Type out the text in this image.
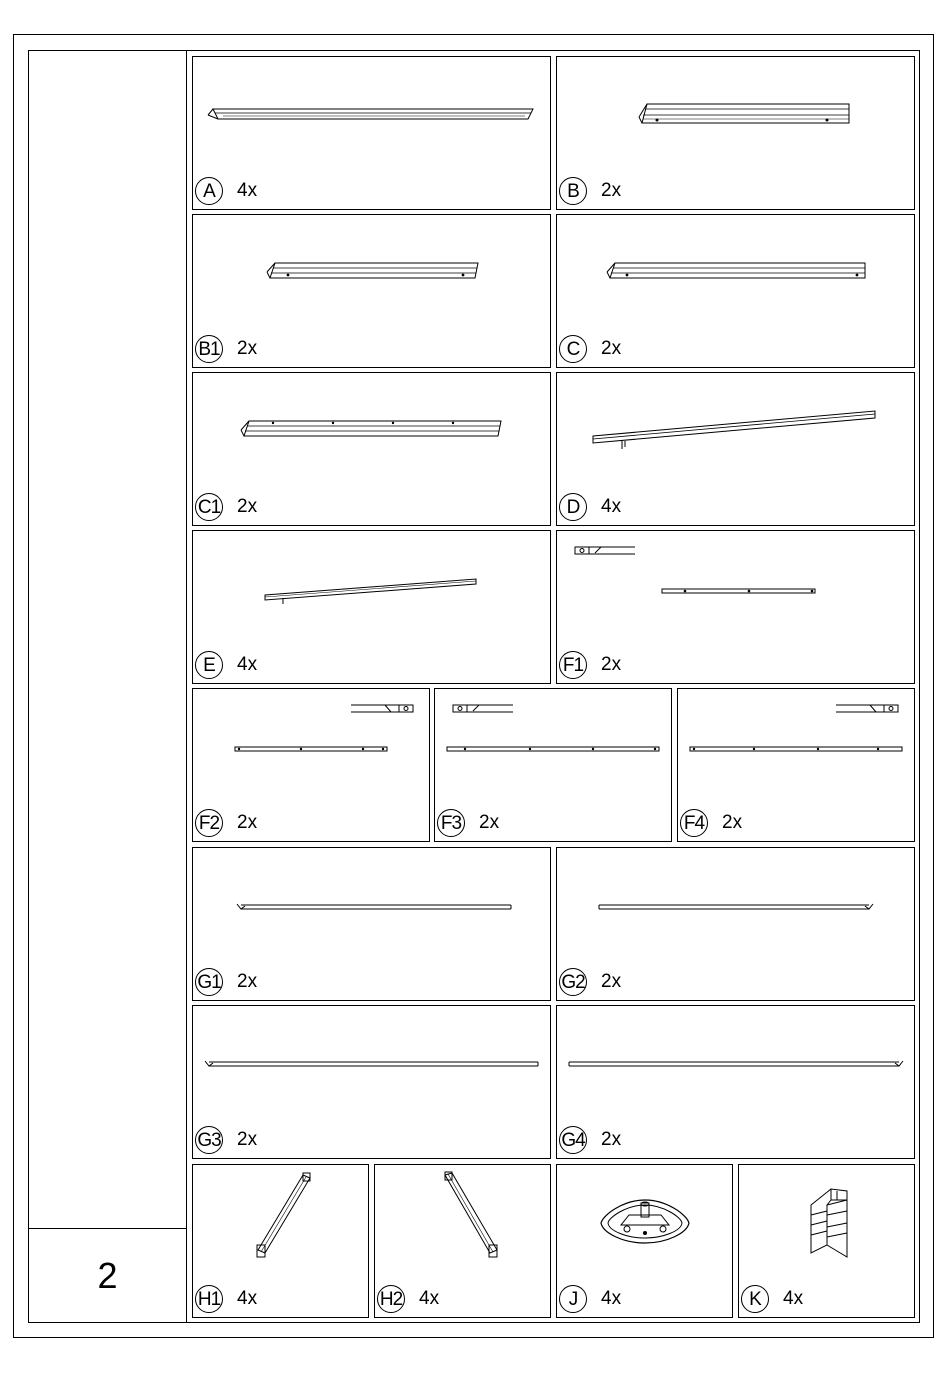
2
A	4x	B	2x
B1 2x	C	2x
C1 2x	D	4x
E	4x	F1 2x
F2 2x	F3 2x	F4 2x
G1 2x	G2 2x
G3 2x	G4 2x
H1 4x	H2 4x	J	4x	K	4x
